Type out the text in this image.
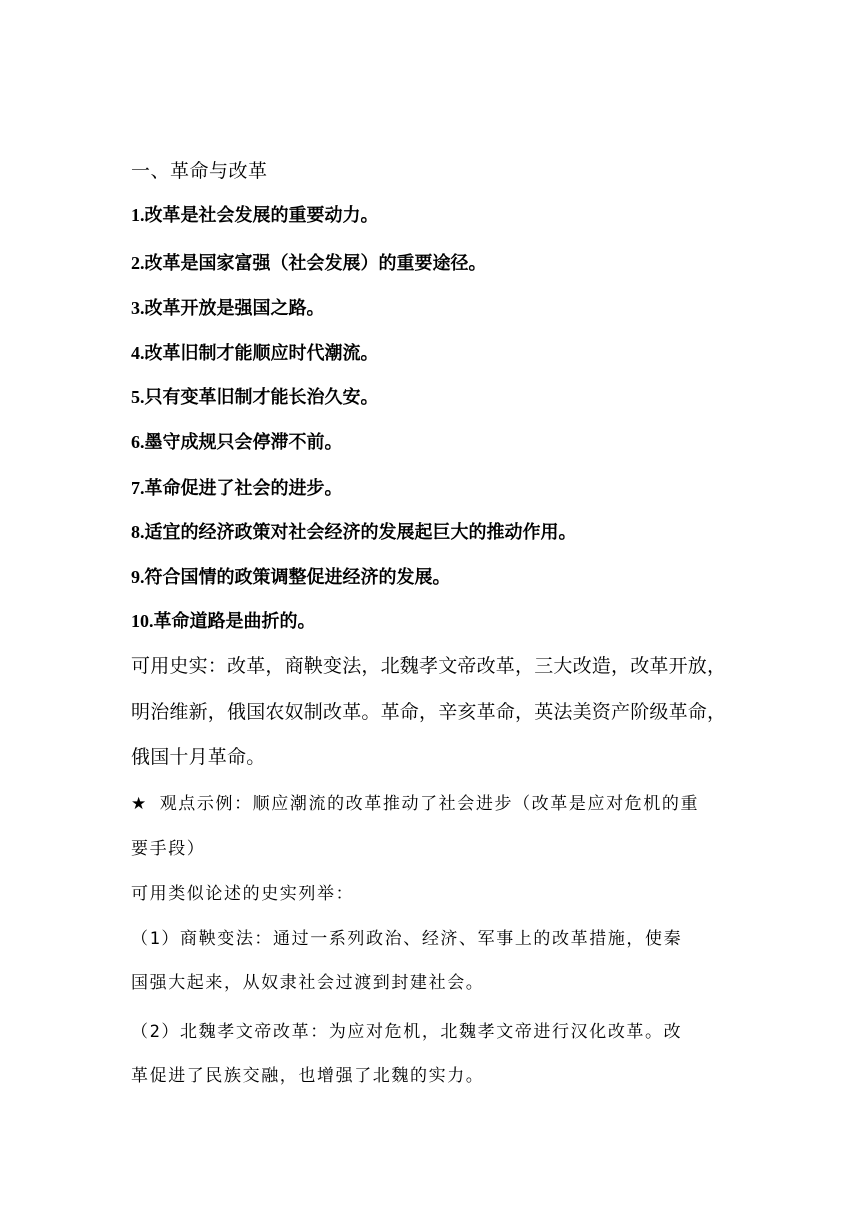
一、革命与改革
1.改革是社会发展的重要动力。
2.改革是国家富强（社会发展）的重要途径。
3.改革开放是强国之路。
4.改革旧制才能顺应时代潮流。
5.只有变革旧制才能长治久安。
6.墨守成规只会停滞不前。
7.革命促进了社会的进步。
8.适宜的经济政策对社会经济的发展起巨大的推动作用。
9.符合国情的政策调整促进经济的发展。
10.革命道路是曲折的。
可用史实：改革，商鞅变法，北魏孝文帝改革，三大改造，改革开放，
明治维新，俄国农奴制改革。革命，辛亥革命，英法美资产阶级革命，
俄国十月革命。
★ 观点示例：顺应潮流的改革推动了社会进步（改革是应对危机的重
要手段）
可用类似论述的史实列举：
（1）商鞅变法：通过一系列政治、经济、军事上的改革措施，使秦
国强大起来，从奴隶社会过渡到封建社会。
（2）北魏孝文帝改革：为应对危机，北魏孝文帝进行汉化改革。改
革促进了民族交融，也增强了北魏的实力。
